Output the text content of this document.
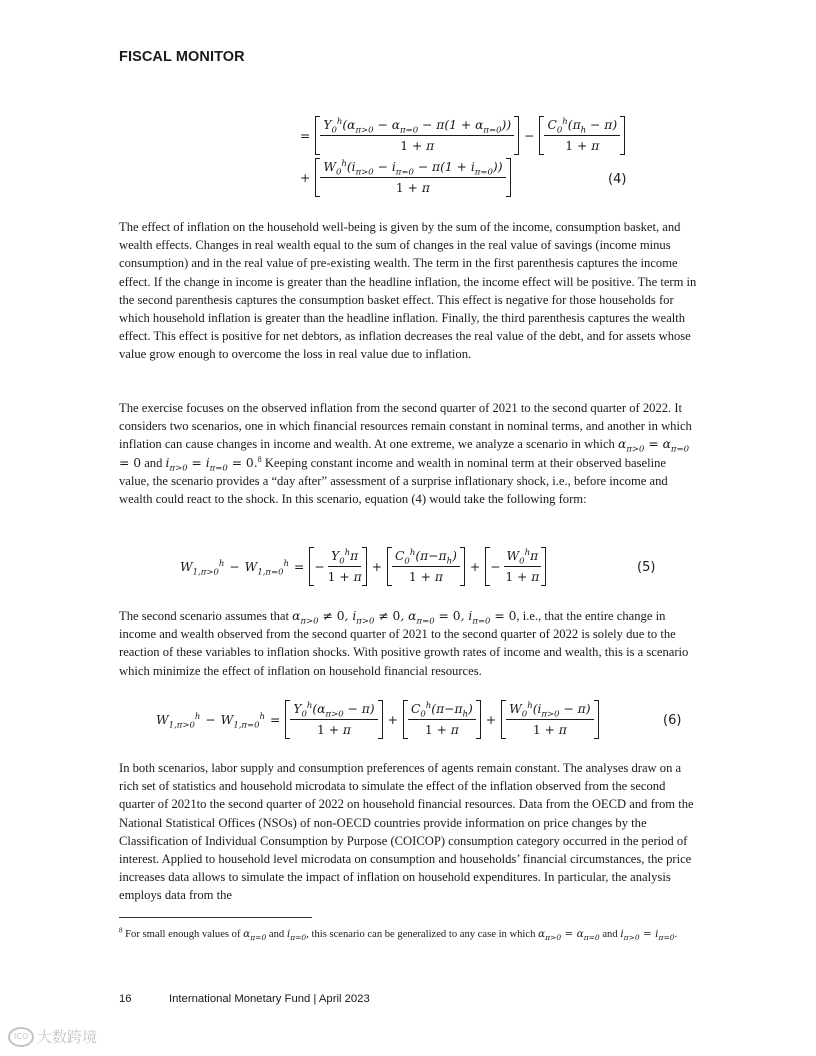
FISCAL MONITOR
= $\frac{Y_0^h(\alpha_{\pi>0} - \alpha_{\pi=0} - \pi(1 + \alpha_{\pi=0}))}{1 + \pi} - \frac{C_0^h(\pi_h - \pi)}{1 + \pi}$
+ $\frac{W_0^h(i_{\pi>0} - i_{\pi=0} - \pi(1 + i_{\pi=0}))}{1 + \pi}$	(4)

The effect of inflation on the household well-being is given by the sum of the income, consumption basket, and wealth effects. Changes in real wealth equal to the sum of changes in the real value of savings (income minus consumption) and in the real value of pre-existing wealth. The term in the first parenthesis captures the income effect. If the change in income is greater than the headline inflation, the income effect will be positive. The term in the second parenthesis captures the consumption basket effect. This effect is negative for those households for which household inflation is greater than the headline inflation. Finally, the third parenthesis captures the wealth effect. This effect is positive for net debtors, as inflation decreases the real value of the debt, and for assets whose value grow enough to overcome the loss in real value due to inflation.

The exercise focuses on the observed inflation from the second quarter of 2021 to the second quarter of 2022. It considers two scenarios, one in which financial resources remain constant in nominal terms, and another in which inflation can cause changes in income and wealth. At one extreme, we analyze a scenario in which $\alpha_{\pi>0} = \alpha_{\pi=0} = 0$ and $i_{\pi>0} = i_{\pi=0} = 0.^8$ Keeping constant income and wealth in nominal term at their observed baseline value, the scenario provides a “day after” assessment of a surprise inflationary shock, i.e., before income and wealth could react to the shock. In this scenario, equation (4) would take the following form:

$W_{1,\pi>0}^h - W_{1,\pi=0}^h$ = − $\frac{Y_0^h\pi}{1 + \pi} + \frac{C_0^h(\pi-\pi_h)}{1 + \pi}$ + − $\frac{W_0^h\pi}{1 + \pi}$	(5)

The second scenario assumes that $\alpha_{\pi>0} \ne 0$, $i_{\pi>0} \ne 0$, $\alpha_{\pi=0} = 0$, $i_{\pi=0} = 0$, i.e., that the entire change in income and wealth observed from the second quarter of 2021 to the second quarter of 2022 is solely due to the reaction of these variables to inflation shocks. With positive growth rates of income and wealth, this is a scenario which minimize the effect of inflation on household financial resources.

$W_{1,\pi>0}^h - W_{1,\pi=0}^h = \frac{Y_0^h(\alpha_{\pi>0} - \pi)}{1 + \pi} + \frac{C_0^h(\pi-\pi_h)}{1 + \pi} + \frac{W_0^h(i_{\pi>0} - \pi)}{1 + \pi}$	(6)

In both scenarios, labor supply and consumption preferences of agents remain constant. The analyses draw on a rich set of statistics and household microdata to simulate the effect of the inflation observed from the second quarter of 2021to the second quarter of 2022 on household financial resources. Data from the OECD and from the National Statistical Offices (NSOs) of non-OECD countries provide information on price changes by the Classification of Individual Consumption by Purpose (COICOP) consumption category occurred in the period of interest. Applied to household level microdata on consumption and households’ financial circumstances, the price increases data allows to simulate the impact of inflation on household expenditures. In particular, the analysis employs data from the

$^8$ For small enough values of $\alpha_{\pi=0}$ and $i_{\pi=0}$, this scenario can be generalized to any case in which $\alpha_{\pi>0} = \alpha_{\pi=0}$ and $i_{\pi>0} = i_{\pi=0}$.

16	International Monetary Fund | April 2023
ICO 大数跨境
